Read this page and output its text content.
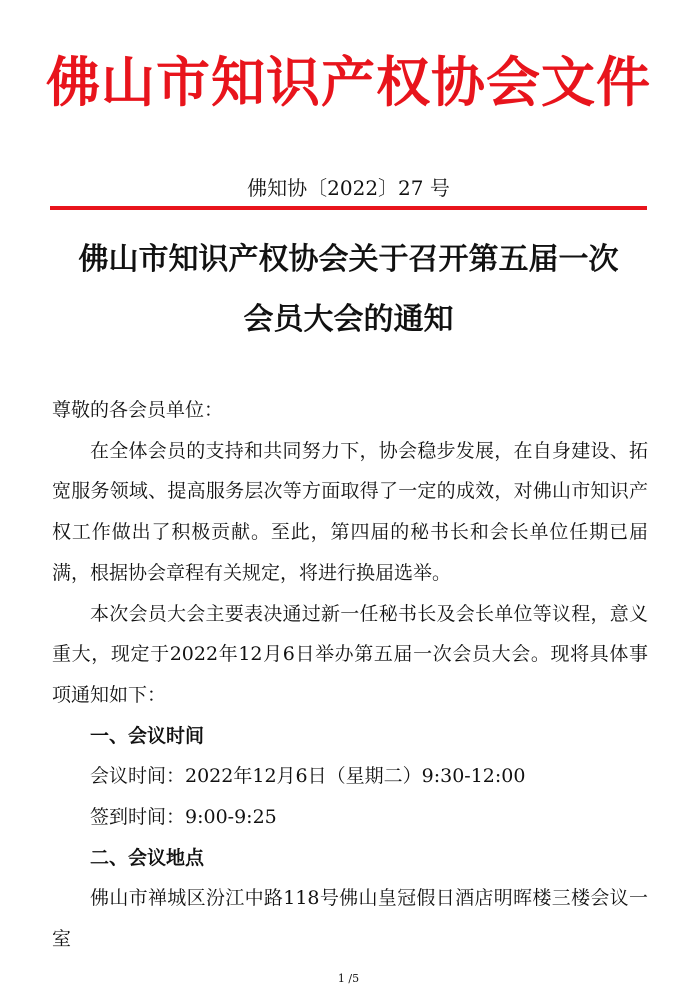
佛山市知识产权协会文件
佛知协〔2022〕27 号
佛山市知识产权协会关于召开第五届一次
会员大会的通知

尊敬的各会员单位：

在全体会员的支持和共同努力下，协会稳步发展，在自身建设、拓宽服务领域、提高服务层次等方面取得了一定的成效，对佛山市知识产权工作做出了积极贡献。至此，第四届的秘书长和会长单位任期已届满，根据协会章程有关规定，将进行换届选举。

本次会员大会主要表决通过新一任秘书长及会长单位等议程，意义重大，现定于2022年12月6日举办第五届一次会员大会。现将具体事项通知如下：

一、会议时间

会议时间：2022年12月6日（星期二）9:30-12:00

签到时间：9:00-9:25

二、会议地点

佛山市禅城区汾江中路118号佛山皇冠假日酒店明晖楼三楼会议一室

1 /5
